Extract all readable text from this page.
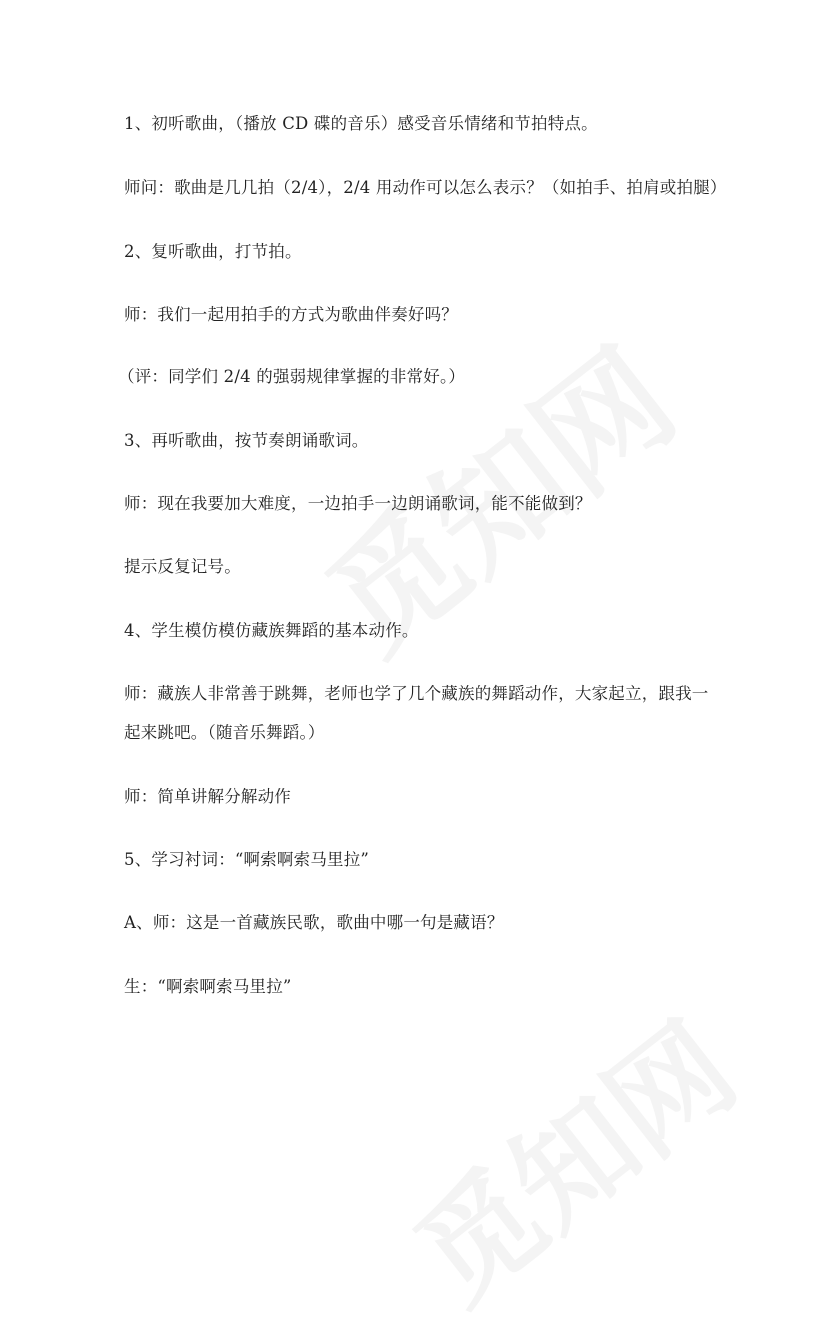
1、初听歌曲，（播放 CD 碟的音乐）感受音乐情绪和节拍特点。
师问：歌曲是几几拍（2/4），2/4 用动作可以怎么表示？（如拍手、拍肩或拍腿）
2、复听歌曲，打节拍。
师：我们一起用拍手的方式为歌曲伴奏好吗？
（评：同学们 2/4 的强弱规律掌握的非常好。）
3、再听歌曲，按节奏朗诵歌词。
师：现在我要加大难度，一边拍手一边朗诵歌词，能不能做到？
提示反复记号。
4、学生模仿模仿藏族舞蹈的基本动作。
师：藏族人非常善于跳舞，老师也学了几个藏族的舞蹈动作，大家起立，跟我一
起来跳吧。（随音乐舞蹈。）
师：简单讲解分解动作
5、学习衬词：“啊索啊索马里拉”
A、师：这是一首藏族民歌，歌曲中哪一句是藏语？
生：“啊索啊索马里拉”
